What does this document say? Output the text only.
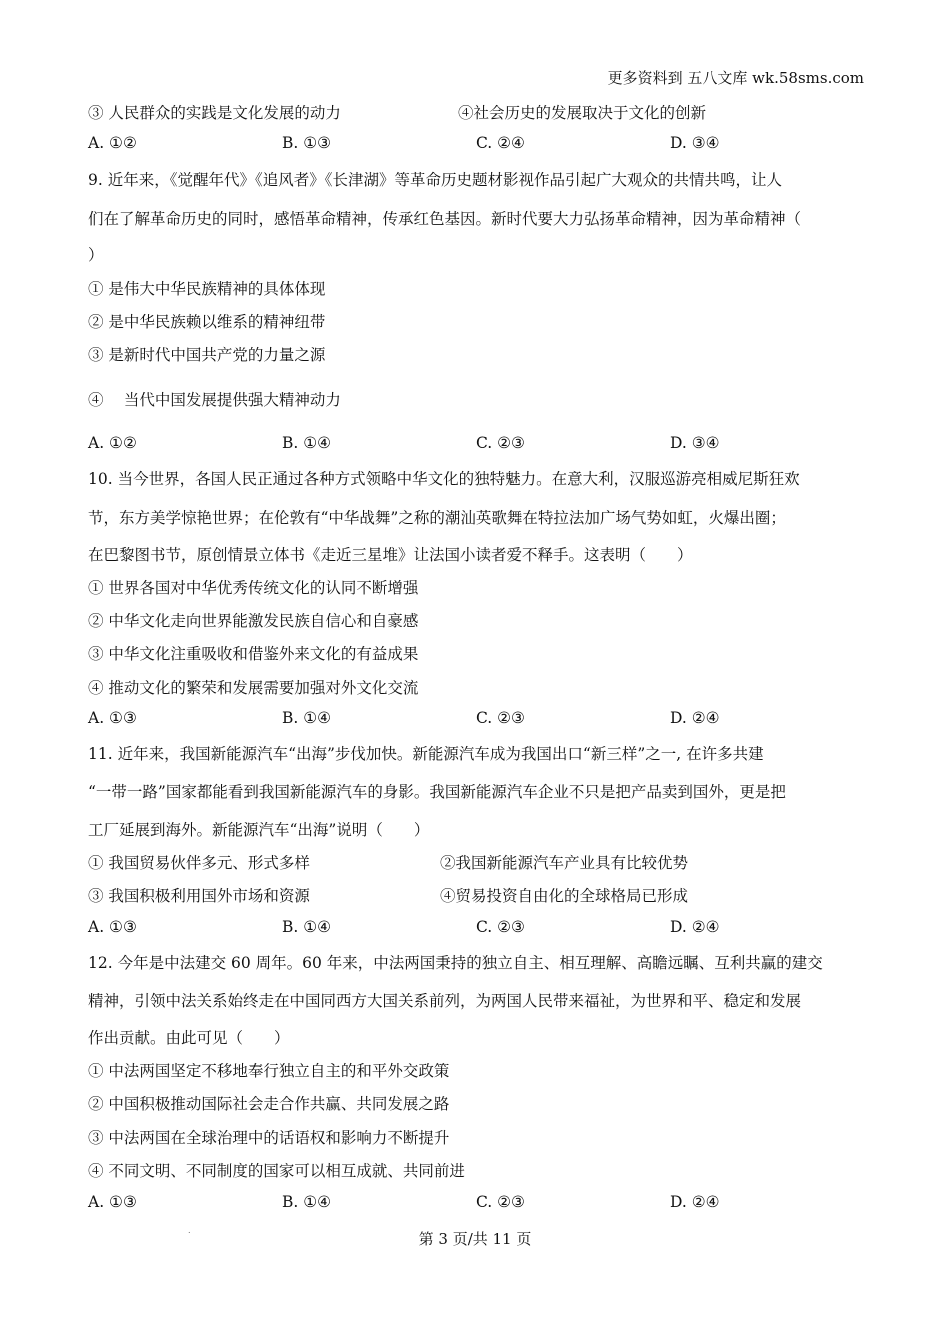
更多资料到 五八文库 wk.58sms.com
③ 人民群众的实践是文化发展的动力	④社会历史的发展取决于文化的创新
A. ①②	B. ①③	C. ②④	D. ③④
9. 近年来，《觉醒年代》《追风者》《长津湖》等革命历史题材影视作品引起广大观众的共情共鸣，让人
们在了解革命历史的同时，感悟革命精神，传承红色基因。新时代要大力弘扬革命精神，因为革命精神（
）
① 是伟大中华民族精神的具体体现
② 是中华民族赖以维系的精神纽带
③ 是新时代中国共产党的力量之源
④　 当代中国发展提供强大精神动力
A. ①②	B. ①④	C. ②③	D. ③④
10. 当今世界，各国人民正通过各种方式领略中华文化的独特魅力。在意大利，汉服巡游亮相威尼斯狂欢
节，东方美学惊艳世界；在伦敦有“中华战舞”之称的潮汕英歌舞在特拉法加广场气势如虹，火爆出圈；
在巴黎图书节，原创情景立体书《走近三星堆》让法国小读者爱不释手。这表明（　　）
① 世界各国对中华优秀传统文化的认同不断增强
② 中华文化走向世界能激发民族自信心和自豪感
③ 中华文化注重吸收和借鉴外来文化的有益成果
④ 推动文化的繁荣和发展需要加强对外文化交流
A. ①③	B. ①④	C. ②③	D. ②④
11. 近年来，我国新能源汽车“出海”步伐加快。新能源汽车成为我国出口“新三样”之一, 在许多共建
“一带一路”国家都能看到我国新能源汽车的身影。我国新能源汽车企业不只是把产品卖到国外，更是把
工厂延展到海外。新能源汽车“出海”说明（　　）
① 我国贸易伙伴多元、形式多样	②我国新能源汽车产业具有比较优势
③ 我国积极利用国外市场和资源	④贸易投资自由化的全球格局已形成
A. ①③	B. ①④	C. ②③	D. ②④
12. 今年是中法建交 60 周年。60 年来，中法两国秉持的独立自主、相互理解、高瞻远瞩、互利共赢的建交
精神，引领中法关系始终走在中国同西方大国关系前列，为两国人民带来福祉，为世界和平、稳定和发展
作出贡献。由此可见（　　）
① 中法两国坚定不移地奉行独立自主的和平外交政策
② 中国积极推动国际社会走合作共赢、共同发展之路
③ 中法两国在全球治理中的话语权和影响力不断提升
④ 不同文明、不同制度的国家可以相互成就、共同前进
A. ①③	B. ①④	C. ②③	D. ②④
.	第 3 页/共 11 页
